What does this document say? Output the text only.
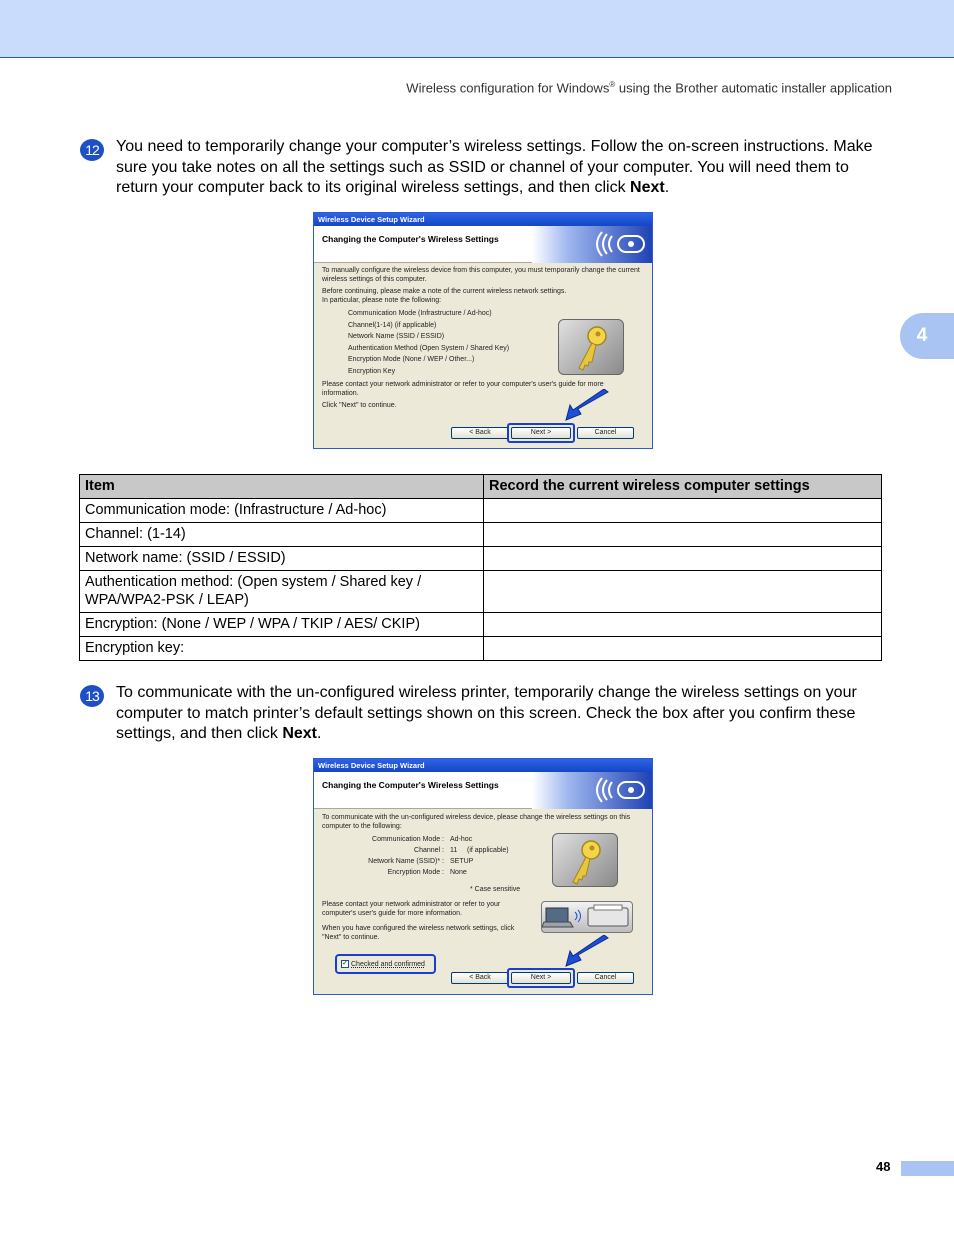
Wireless configuration for Windows® using the Brother automatic installer application
4
12	You need to temporarily change your computer’s wireless settings. Follow the on-screen instructions. Make sure you take notes on all the settings such as SSID or channel of your computer. You will need them to return your computer back to its original wireless settings, and then click Next.
Wireless Device Setup Wizard
Changing the Computer's Wireless Settings

To manually configure the wireless device from this computer, you must temporarily change the current wireless settings of this computer.

Before continuing, please make a note of the current wireless network settings.

In particular, please note the following:

Communication Mode (Infrastructure / Ad-hoc)
Channel(1-14) (if applicable)
Network Name (SSID / ESSID)
Authentication Method (Open System / Shared Key)
Encryption Mode (None / WEP / Other...)
Encryption Key

Please contact your network administrator or refer to your computer's user's guide for more information.

Click "Next" to continue.

< Back	Next >	Cancel
Item	Record the current wireless computer settings
Communication mode: (Infrastructure / Ad-hoc)	
Channel: (1-14)	
Network name: (SSID / ESSID)	
Authentication method: (Open system / Shared key / WPA/WPA2-PSK / LEAP)	
Encryption: (None / WEP / WPA / TKIP / AES/ CKIP)	
Encryption key:	
13	To communicate with the un-configured wireless printer, temporarily change the wireless settings on your computer to match printer’s default settings shown on this screen. Check the box after you confirm these settings, and then click Next.
Wireless Device Setup Wizard
Changing the Computer's Wireless Settings

To communicate with the un-configured wireless device, please change the wireless settings on this computer to the following:

Communication Mode : Ad-hoc
Channel : 11     (if applicable)
Network Name (SSID)* : SETUP
Encryption Mode : None

* Case sensitive

Please contact your network administrator or refer to your computer's user's guide for more information.

When you have configured the wireless network settings, click "Next" to continue.

✓ Checked and confirmed
< Back	Next >	Cancel
48
